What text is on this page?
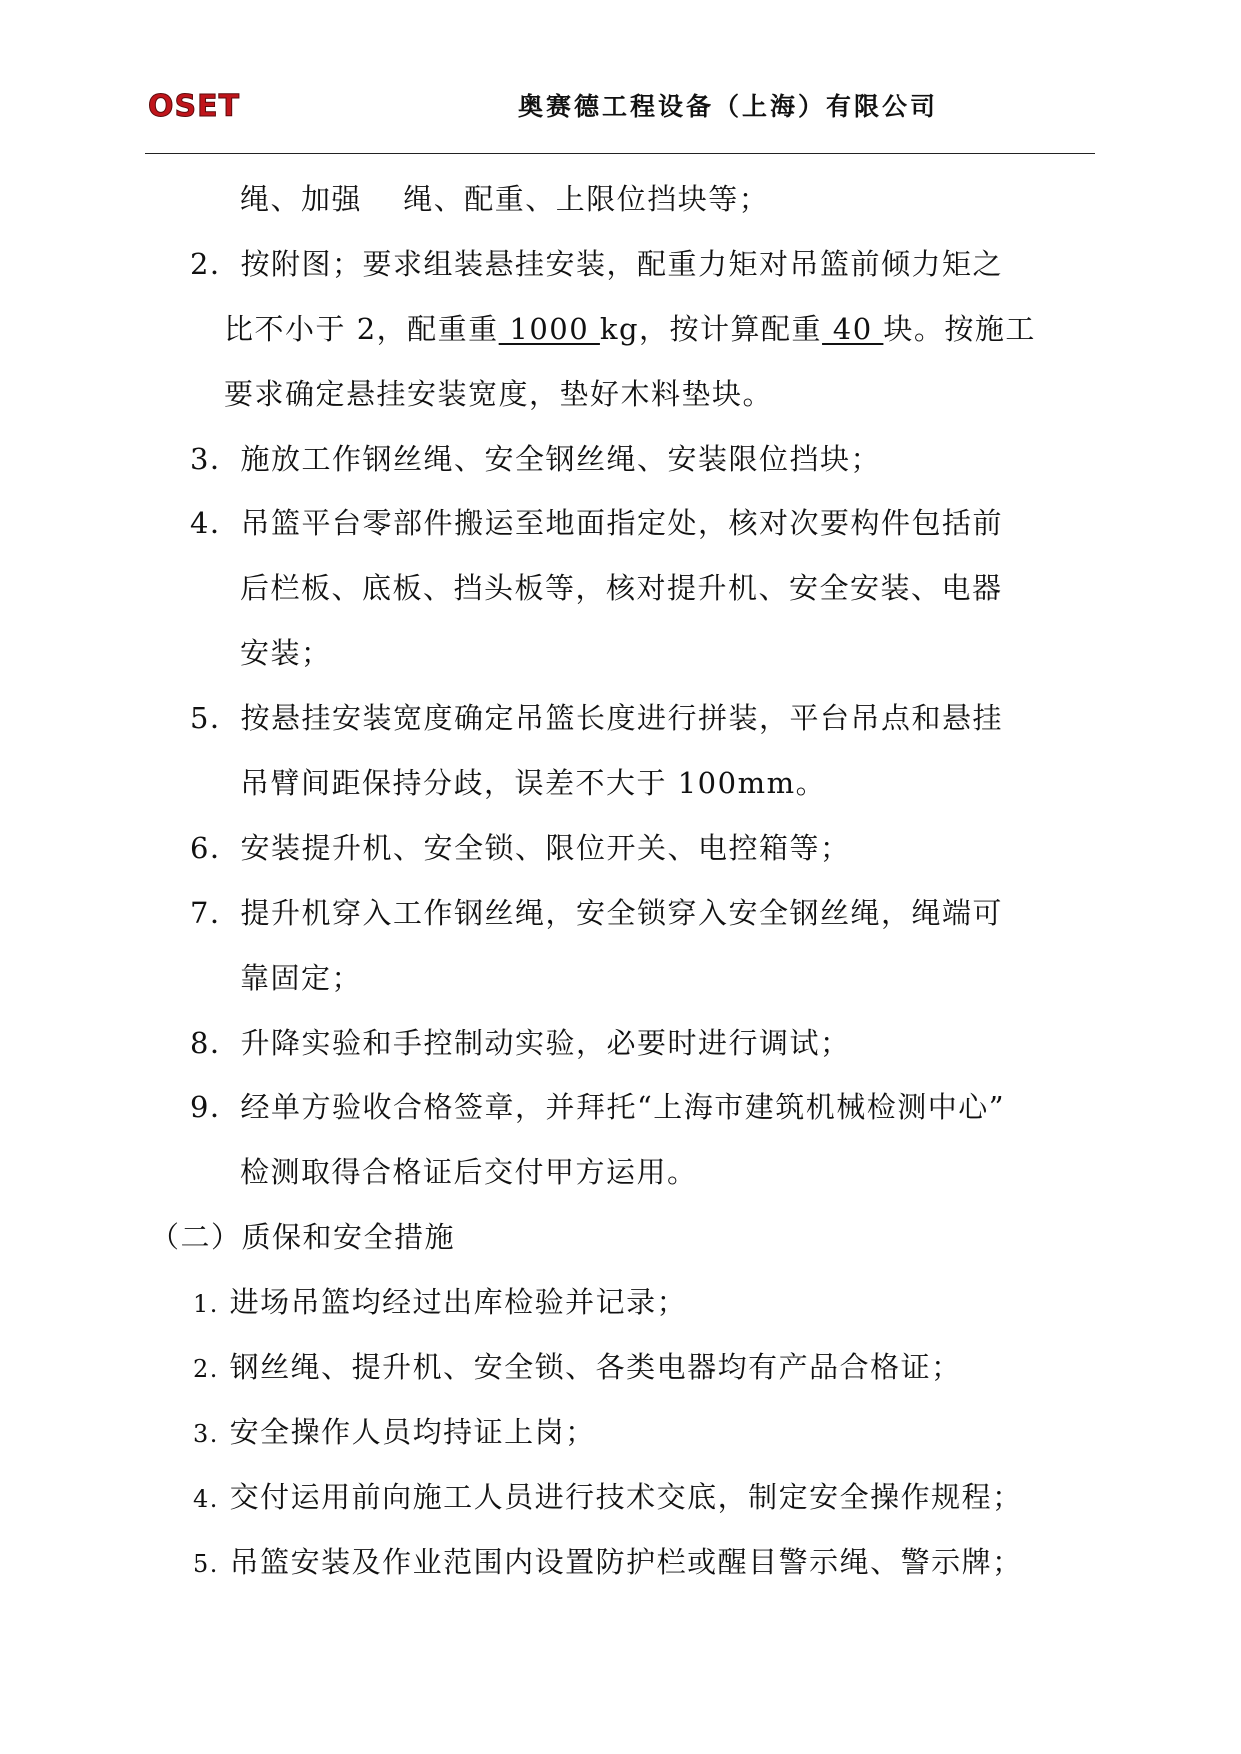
OSET	奥赛德工程设备（上海）有限公司
绳、加强　 绳、配重、上限位挡块等；
2．按附图；要求组装悬挂安装，配重力矩对吊篮前倾力矩之
比不小于 2，配重重 1000 kg，按计算配重 40 块。按施工
要求确定悬挂安装宽度，垫好木料垫块。
3．施放工作钢丝绳、安全钢丝绳、安装限位挡块；
4．吊篮平台零部件搬运至地面指定处，核对次要构件包括前
后栏板、底板、挡头板等，核对提升机、安全安装、电器
安装；
5．按悬挂安装宽度确定吊篮长度进行拼装，平台吊点和悬挂
吊臂间距保持分歧，误差不大于 100mm。
6．安装提升机、安全锁、限位开关、电控箱等；
7．提升机穿入工作钢丝绳，安全锁穿入安全钢丝绳，绳端可
靠固定；
8．升降实验和手控制动实验，必要时进行调试；
9．经单方验收合格签章，并拜托“上海市建筑机械检测中心”
检测取得合格证后交付甲方运用。
（二）质保和安全措施
1. 进场吊篮均经过出库检验并记录；
2. 钢丝绳、提升机、安全锁、各类电器均有产品合格证；
3. 安全操作人员均持证上岗；
4. 交付运用前向施工人员进行技术交底，制定安全操作规程；
5. 吊篮安装及作业范围内设置防护栏或醒目警示绳、警示牌；
